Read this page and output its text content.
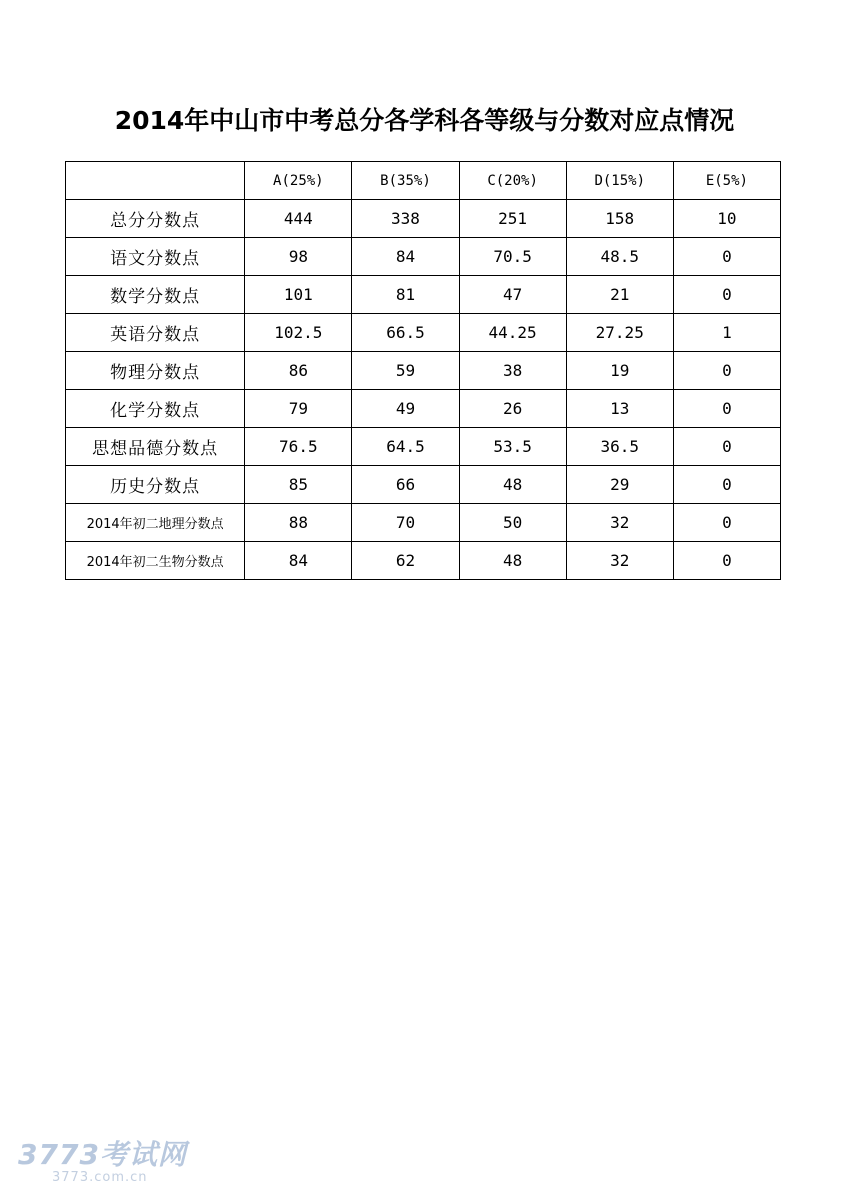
2014年中山市中考总分各学科各等级与分数对应点情况
	A(25%)	B(35%)	C(20%)	D(15%)	E(5%)
总分分数点	444	338	251	158	10
语文分数点	98	84	70.5	48.5	0
数学分数点	101	81	47	21	0
英语分数点	102.5	66.5	44.25	27.25	1
物理分数点	86	59	38	19	0
化学分数点	79	49	26	13	0
思想品德分数点	76.5	64.5	53.5	36.5	0
历史分数点	85	66	48	29	0
2014年初二地理分数点	88	70	50	32	0
2014年初二生物分数点	84	62	48	32	0
3773考试网
3773.com.cn
